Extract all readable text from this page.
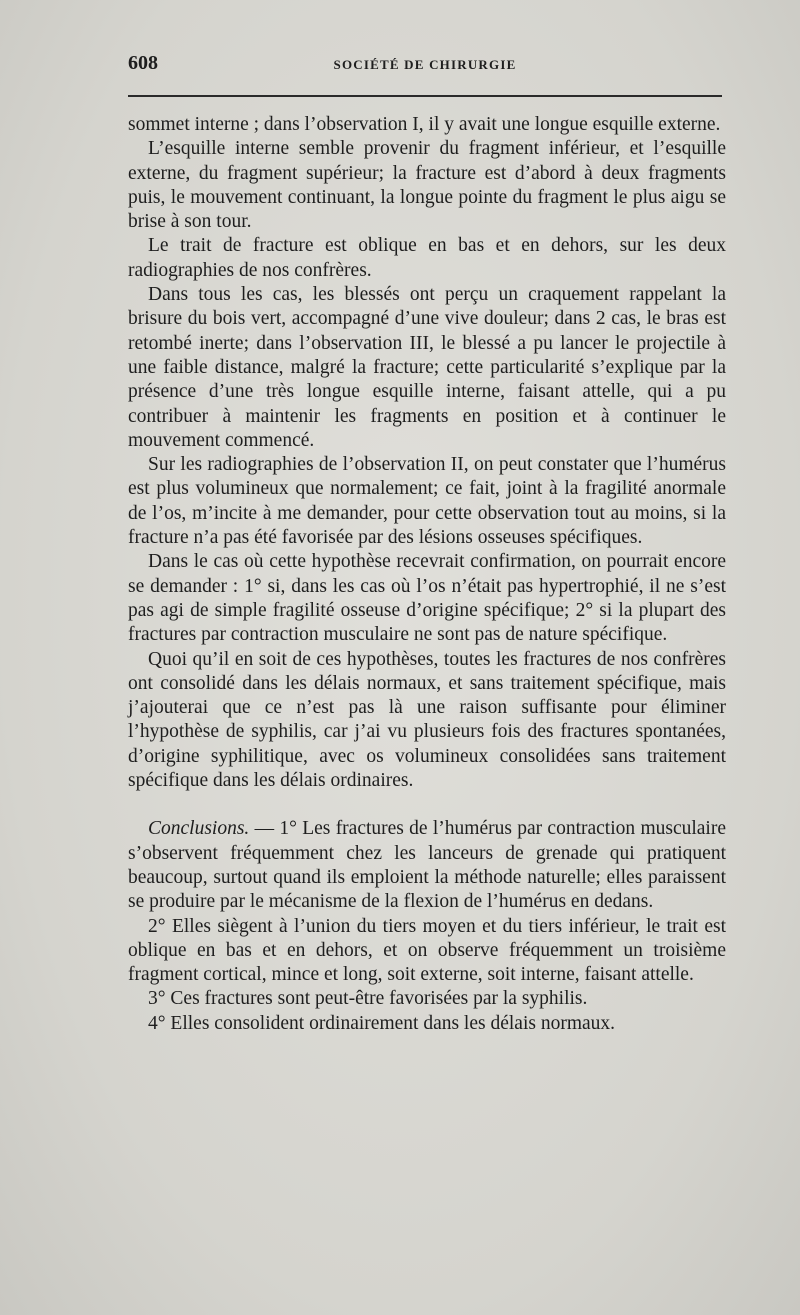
608	SOCIÉTÉ DE CHIRURGIE

sommet interne ; dans l’observation I, il y avait une longue esquille externe.

L’esquille interne semble provenir du fragment inférieur, et l’esquille externe, du fragment supérieur; la fracture est d’abord à deux fragments puis, le mouvement continuant, la longue pointe du fragment le plus aigu se brise à son tour.

Le trait de fracture est oblique en bas et en dehors, sur les deux radiographies de nos confrères.

Dans tous les cas, les blessés ont perçu un craquement rappelant la brisure du bois vert, accompagné d’une vive douleur; dans 2 cas, le bras est retombé inerte; dans l’observation III, le blessé a pu lancer le projectile à une faible distance, malgré la fracture; cette particularité s’explique par la présence d’une très longue esquille interne, faisant attelle, qui a pu contribuer à maintenir les fragments en position et à continuer le mouvement commencé.

Sur les radiographies de l’observation II, on peut constater que l’humérus est plus volumineux que normalement; ce fait, joint à la fragilité anormale de l’os, m’incite à me demander, pour cette observation tout au moins, si la fracture n’a pas été favorisée par des lésions osseuses spécifiques.

Dans le cas où cette hypothèse recevrait confirmation, on pourrait encore se demander : 1° si, dans les cas où l’os n’était pas hypertrophié, il ne s’est pas agi de simple fragilité osseuse d’origine spécifique; 2° si la plupart des fractures par contraction musculaire ne sont pas de nature spécifique.

Quoi qu’il en soit de ces hypothèses, toutes les fractures de nos confrères ont consolidé dans les délais normaux, et sans traitement spécifique, mais j’ajouterai que ce n’est pas là une raison suffisante pour éliminer l’hypothèse de syphilis, car j’ai vu plusieurs fois des fractures spontanées, d’origine syphilitique, avec os volumineux consolidées sans traitement spécifique dans les délais ordinaires.

Conclusions. — 1° Les fractures de l’humérus par contraction musculaire s’observent fréquemment chez les lanceurs de grenade qui pratiquent beaucoup, surtout quand ils emploient la méthode naturelle; elles paraissent se produire par le mécanisme de la flexion de l’humérus en dedans.

2° Elles siègent à l’union du tiers moyen et du tiers inférieur, le trait est oblique en bas et en dehors, et on observe fréquemment un troisième fragment cortical, mince et long, soit externe, soit interne, faisant attelle.

3° Ces fractures sont peut-être favorisées par la syphilis.

4° Elles consolident ordinairement dans les délais normaux.
